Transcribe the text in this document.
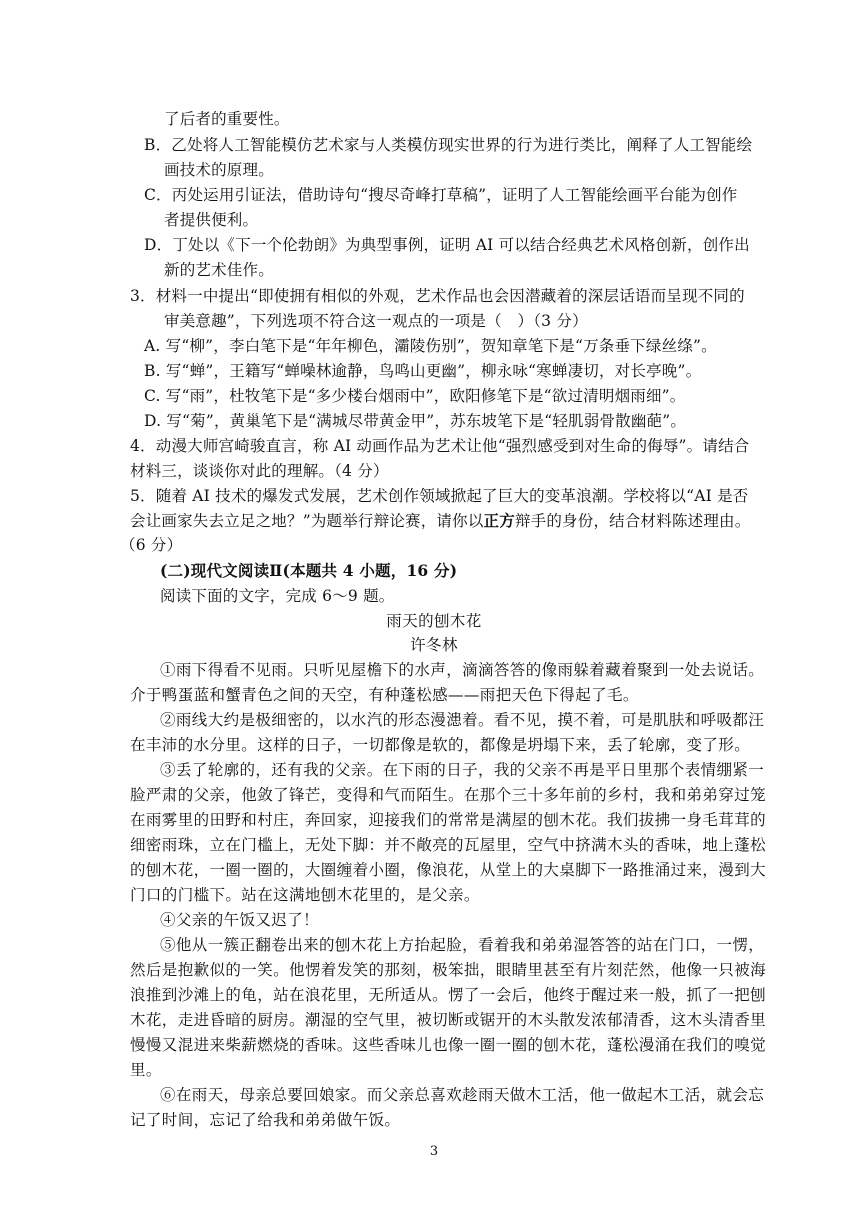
了后者的重要性。
B．乙处将人工智能模仿艺术家与人类模仿现实世界的行为进行类比，阐释了人工智能绘
画技术的原理。
C．丙处运用引证法，借助诗句“搜尽奇峰打草稿”，证明了人工智能绘画平台能为创作
者提供便利。
D．丁处以《下一个伦勃朗》为典型事例，证明 AI 可以结合经典艺术风格创新，创作出
新的艺术佳作。
3．材料一中提出“即使拥有相似的外观，艺术作品也会因潜藏着的深层话语而呈现不同的
审美意趣”，下列选项不符合这一观点的一项是（　）（3 分）
A. 写“柳”，李白笔下是“年年柳色，灞陵伤别”，贺知章笔下是“万条垂下绿丝绦”。
B. 写“蝉”，王籍写“蝉噪林逾静，鸟鸣山更幽”，柳永咏“寒蝉凄切，对长亭晚”。
C. 写“雨”，杜牧笔下是“多少楼台烟雨中”，欧阳修笔下是“欲过清明烟雨细”。
D. 写“菊”，黄巢笔下是“满城尽带黄金甲”，苏东坡笔下是“轻肌弱骨散幽葩”。
4．动漫大师宫崎骏直言，称 AI 动画作品为艺术让他“强烈感受到对生命的侮辱”。请结合
材料三，谈谈你对此的理解。（4 分）
5．随着 AI 技术的爆发式发展，艺术创作领域掀起了巨大的变革浪潮。学校将以“AI 是否
会让画家失去立足之地？”为题举行辩论赛，请你以正方辩手的身份，结合材料陈述理由。
（6 分）
(二)现代文阅读Ⅱ(本题共 4 小题，16 分)
阅读下面的文字，完成 6～9 题。
雨天的刨木花
许冬林
①雨下得看不见雨。只听见屋檐下的水声，滴滴答答的像雨躲着藏着聚到一处去说话。
介于鸭蛋蓝和蟹青色之间的天空，有种蓬松感——雨把天色下得起了毛。
②雨线大约是极细密的，以水汽的形态漫漶着。看不见，摸不着，可是肌肤和呼吸都汪
在丰沛的水分里。这样的日子，一切都像是软的，都像是坍塌下来，丢了轮廓，变了形。
③丢了轮廓的，还有我的父亲。在下雨的日子，我的父亲不再是平日里那个表情绷紧一
脸严肃的父亲，他敛了锋芒，变得和气而陌生。在那个三十多年前的乡村，我和弟弟穿过笼
在雨雾里的田野和村庄，奔回家，迎接我们的常常是满屋的刨木花。我们拔拂一身毛茸茸的
细密雨珠，立在门槛上，无处下脚：并不敞亮的瓦屋里，空气中挤满木头的香味，地上蓬松
的刨木花，一圈一圈的，大圈缠着小圈，像浪花，从堂上的大桌脚下一路推涌过来，漫到大
门口的门槛下。站在这满地刨木花里的，是父亲。
④父亲的午饭又迟了！
⑤他从一簇正翻卷出来的刨木花上方抬起脸，看着我和弟弟湿答答的站在门口，一愣，
然后是抱歉似的一笑。他愣着发笑的那刻，极笨拙，眼睛里甚至有片刻茫然，他像一只被海
浪推到沙滩上的龟，站在浪花里，无所适从。愣了一会后，他终于醒过来一般，抓了一把刨
木花，走进昏暗的厨房。潮湿的空气里，被切断或锯开的木头散发浓郁清香，这木头清香里
慢慢又混进来柴薪燃烧的香味。这些香味儿也像一圈一圈的刨木花，蓬松漫涌在我们的嗅觉
里。
⑥在雨天，母亲总要回娘家。而父亲总喜欢趁雨天做木工活，他一做起木工活，就会忘
记了时间，忘记了给我和弟弟做午饭。
3
